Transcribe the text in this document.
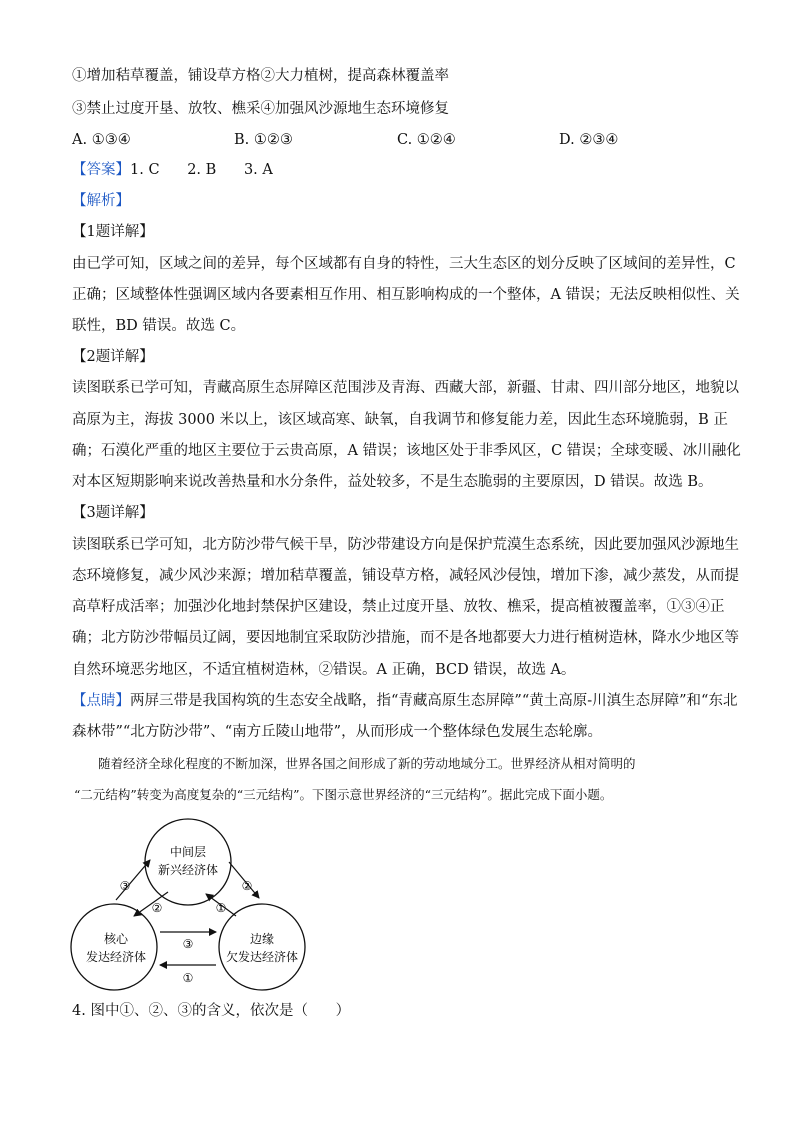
①增加秸草覆盖，铺设草方格②大力植树，提高森林覆盖率
③禁止过度开垦、放牧、樵采④加强风沙源地生态环境修复
A. ①③④	B. ①②③	C. ①②④	D. ②③④
【答案】1. C      2. B      3. A
【解析】
【1题详解】
由已学可知，区域之间的差异，每个区域都有自身的特性，三大生态区的划分反映了区域间的差异性，C
正确；区域整体性强调区域内各要素相互作用、相互影响构成的一个整体，A 错误；无法反映相似性、关
联性，BD 错误。故选 C。
【2题详解】
读图联系已学可知，青藏高原生态屏障区范围涉及青海、西藏大部，新疆、甘肃、四川部分地区，地貌以
高原为主，海拔 3000 米以上，该区域高寒、缺氧，自我调节和修复能力差，因此生态环境脆弱，B 正
确；石漠化严重的地区主要位于云贵高原，A 错误；该地区处于非季风区，C 错误；全球变暖、冰川融化
对本区短期影响来说改善热量和水分条件，益处较多，不是生态脆弱的主要原因，D 错误。故选 B。
【3题详解】
读图联系已学可知，北方防沙带气候干旱，防沙带建设方向是保护荒漠生态系统，因此要加强风沙源地生
态环境修复，减少风沙来源；增加秸草覆盖，铺设草方格，减轻风沙侵蚀，增加下渗，减少蒸发，从而提
高草籽成活率；加强沙化地封禁保护区建设，禁止过度开垦、放牧、樵采，提高植被覆盖率，①③④正
确；北方防沙带幅员辽阔，要因地制宜采取防沙措施，而不是各地都要大力进行植树造林，降水少地区等
自然环境恶劣地区，不适宜植树造林，②错误。A 正确，BCD 错误，故选 A。
【点睛】两屏三带是我国构筑的生态安全战略，指“青藏高原生态屏障”“黄土高原-川滇生态屏障”和“东北
森林带”“北方防沙带”、“南方丘陵山地带”，从而形成一个整体绿色发展生态轮廓。
随着经济全球化程度的不断加深，世界各国之间形成了新的劳动地域分工。世界经济从相对简明的
“二元结构”转变为高度复杂的“三元结构”。下图示意世界经济的“三元结构”。据此完成下面小题。
中间层
新兴经济体
核心
发达经济体
边缘
欠发达经济体
③
②
②
①
③
①
4. 图中①、②、③的含义，依次是（      ）
